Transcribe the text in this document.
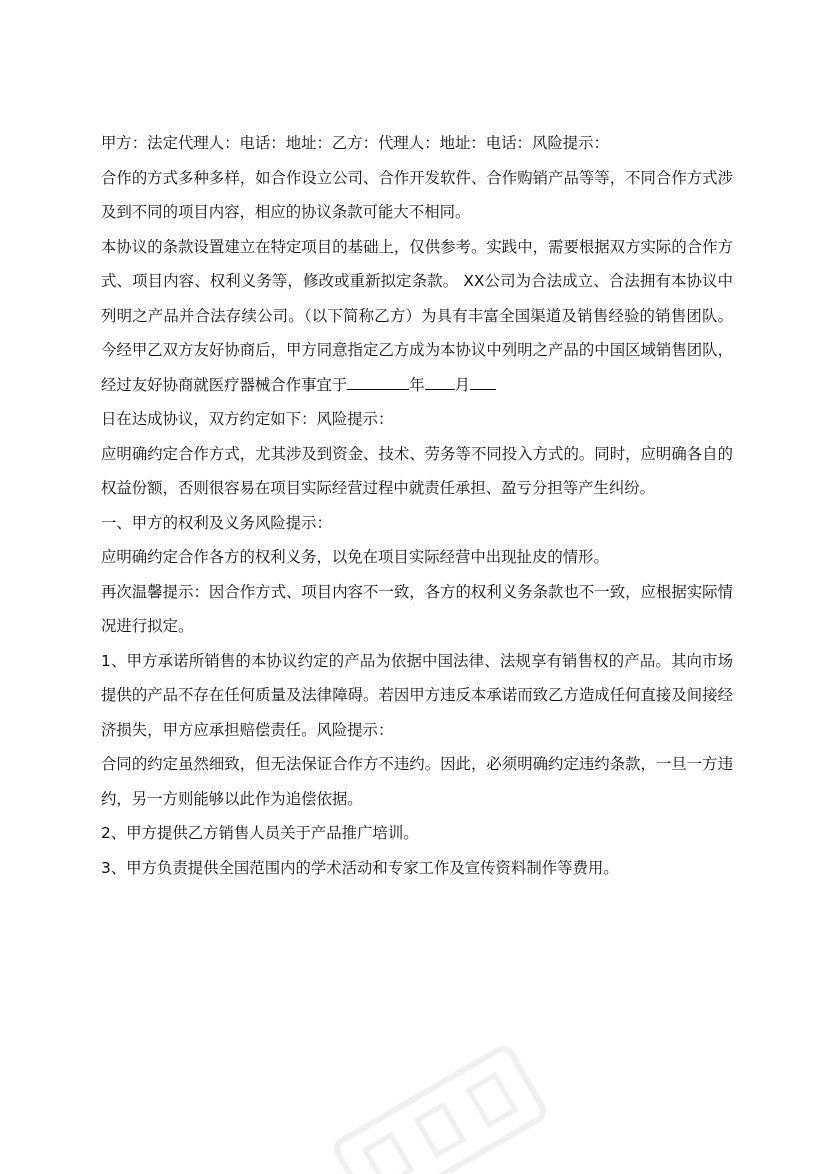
甲方：法定代理人：电话：地址：乙方：代理人：地址：电话：风险提示：

合作的方式多种多样，如合作设立公司、合作开发软件、合作购销产品等等，不同合作方式涉及到不同的项目内容，相应的协议条款可能大不相同。

本协议的条款设置建立在特定项目的基础上，仅供参考。实践中，需要根据双方实际的合作方式、项目内容、权利义务等，修改或重新拟定条款。 XX公司为合法成立、合法拥有本协议中列明之产品并合法存续公司。（以下简称乙方）为具有丰富全国渠道及销售经验的销售团队。今经甲乙双方友好协商后，甲方同意指定乙方成为本协议中列明之产品的中国区域销售团队，经过友好协商就医疗器械合作事宜于	年 月
日在达成协议，双方约定如下：风险提示：

应明确约定合作方式，尤其涉及到资金、技术、劳务等不同投入方式的。同时，应明确各自的权益份额，否则很容易在项目实际经营过程中就责任承担、盈亏分担等产生纠纷。

一、甲方的权利及义务风险提示：

应明确约定合作各方的权利义务，以免在项目实际经营中出现扯皮的情形。

再次温馨提示：因合作方式、项目内容不一致，各方的权利义务条款也不一致，应根据实际情况进行拟定。

1、甲方承诺所销售的本协议约定的产品为依据中国法律、法规享有销售权的产品。其向市场提供的产品不存在任何质量及法律障碍。若因甲方违反本承诺而致乙方造成任何直接及间接经济损失，甲方应承担赔偿责任。风险提示：

合同的约定虽然细致，但无法保证合作方不违约。因此，必须明确约定违约条款，一旦一方违约，另一方则能够以此作为追偿依据。

2、甲方提供乙方销售人员关于产品推广培训。

3、甲方负责提供全国范围内的学术活动和专家工作及宣传资料制作等费用。
